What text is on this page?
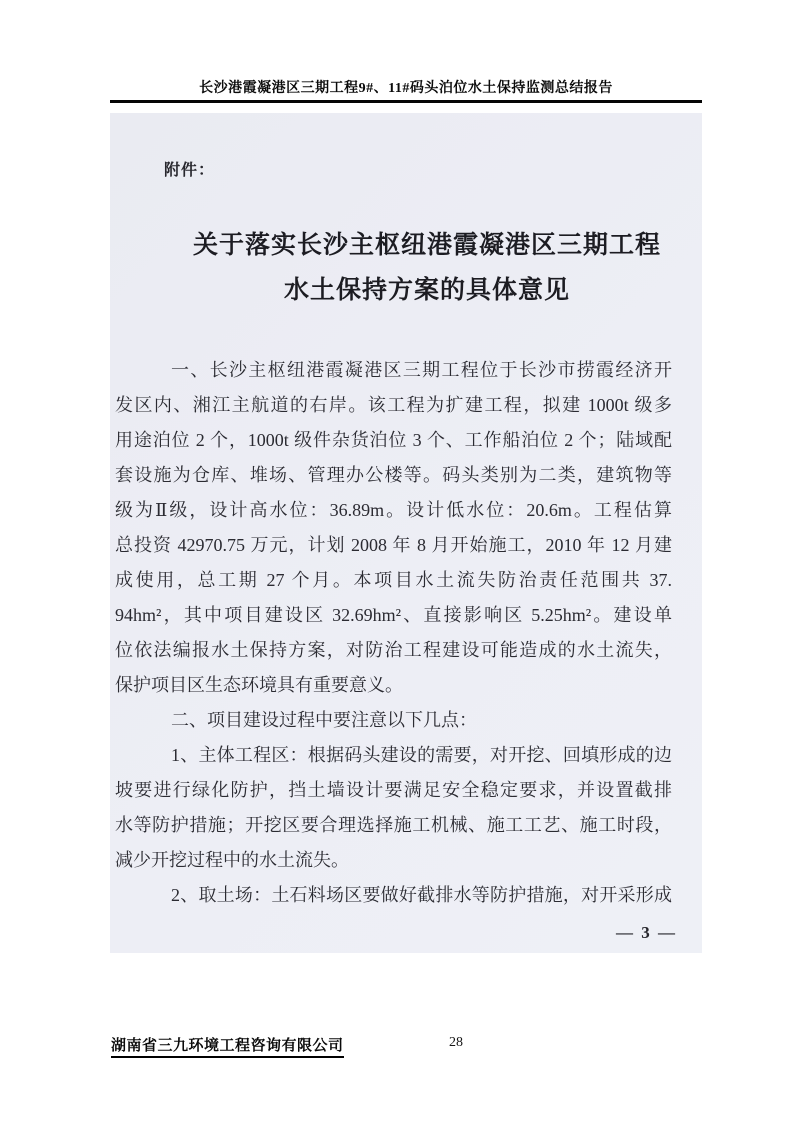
长沙港霞凝港区三期工程9#、11#码头泊位水土保持监测总结报告
附件：
关于落实长沙主枢纽港霞凝港区三期工程
水土保持方案的具体意见
一、长沙主枢纽港霞凝港区三期工程位于长沙市捞霞经济开
发区内、湘江主航道的右岸。该工程为扩建工程，拟建 1000t 级多
用途泊位 2 个，1000t 级件杂货泊位 3 个、工作船泊位 2 个；陆域配
套设施为仓库、堆场、管理办公楼等。码头类别为二类，建筑物等
级为Ⅱ级，设计高水位：36.89m。设计低水位：20.6m。工程估算
总投资 42970.75 万元，计划 2008 年 8 月开始施工，2010 年 12 月建
成使用，总工期 27 个月。本项目水土流失防治责任范围共 37.
94hm²，其中项目建设区 32.69hm²、直接影响区 5.25hm²。建设单
位依法编报水土保持方案，对防治工程建设可能造成的水土流失，
保护项目区生态环境具有重要意义。
二、项目建设过程中要注意以下几点：
1、主体工程区：根据码头建设的需要，对开挖、回填形成的边
坡要进行绿化防护，挡土墙设计要满足安全稳定要求，并设置截排
水等防护措施；开挖区要合理选择施工机械、施工工艺、施工时段，
减少开挖过程中的水土流失。
2、取土场：土石料场区要做好截排水等防护措施，对开采形成
— 3 —
湖南省三九环境工程咨询有限公司	28
